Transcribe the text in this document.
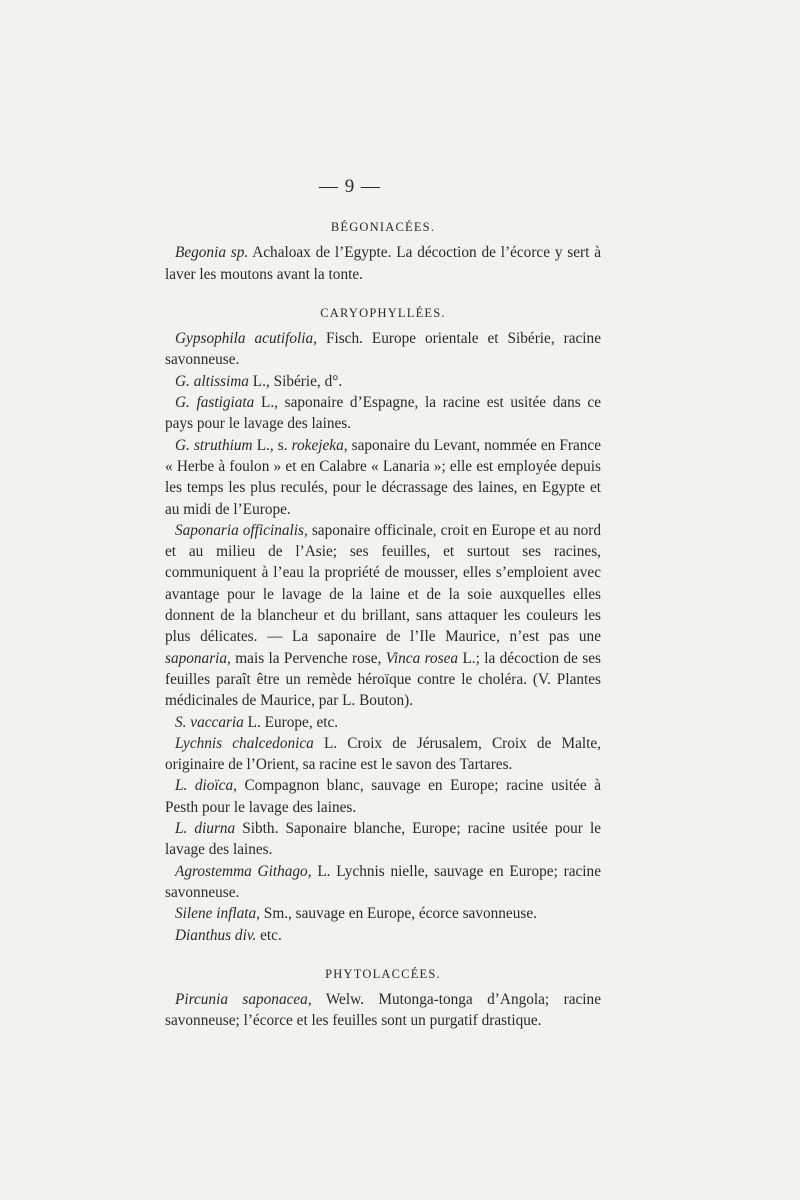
— 9 —
BÉGONIACÉES.

Begonia sp. Achaloax de l’Egypte. La décoction de l’écorce y sert à laver les moutons avant la tonte.

CARYOPHYLLÉES.

Gypsophila acutifolia, Fisch. Europe orientale et Sibérie, racine savonneuse.

G. altissima L., Sibérie, d°.

G. fastigiata L., saponaire d’Espagne, la racine est usitée dans ce pays pour le lavage des laines.

G. struthium L., s. rokejeka, saponaire du Levant, nommée en France « Herbe à foulon » et en Calabre « Lanaria »; elle est employée depuis les temps les plus reculés, pour le décrassage des laines, en Egypte et au midi de l’Europe.

Saponaria officinalis, saponaire officinale, croit en Europe et au nord et au milieu de l’Asie; ses feuilles, et surtout ses racines, communiquent à l’eau la propriété de mousser, elles s’emploient avec avantage pour le lavage de la laine et de la soie auxquelles elles donnent de la blancheur et du brillant, sans attaquer les couleurs les plus délicates. — La saponaire de l’Ile Maurice, n’est pas une saponaria, mais la Pervenche rose, Vinca rosea L.; la décoction de ses feuilles paraît être un remède héroïque contre le choléra. (V. Plantes médicinales de Maurice, par L. Bouton).

S. vaccaria L. Europe, etc.

Lychnis chalcedonica L. Croix de Jérusalem, Croix de Malte, originaire de l’Orient, sa racine est le savon des Tartares.

L. dioïca, Compagnon blanc, sauvage en Europe; racine usitée à Pesth pour le lavage des laines.

L. diurna Sibth. Saponaire blanche, Europe; racine usitée pour le lavage des laines.

Agrostemma Githago, L. Lychnis nielle, sauvage en Europe; racine savonneuse.

Silene inflata, Sm., sauvage en Europe, écorce savonneuse.

Dianthus div. etc.

PHYTOLACCÉES.

Pircunia saponacea, Welw. Mutonga-tonga d’Angola; racine savonneuse; l’écorce et les feuilles sont un purgatif drastique.
